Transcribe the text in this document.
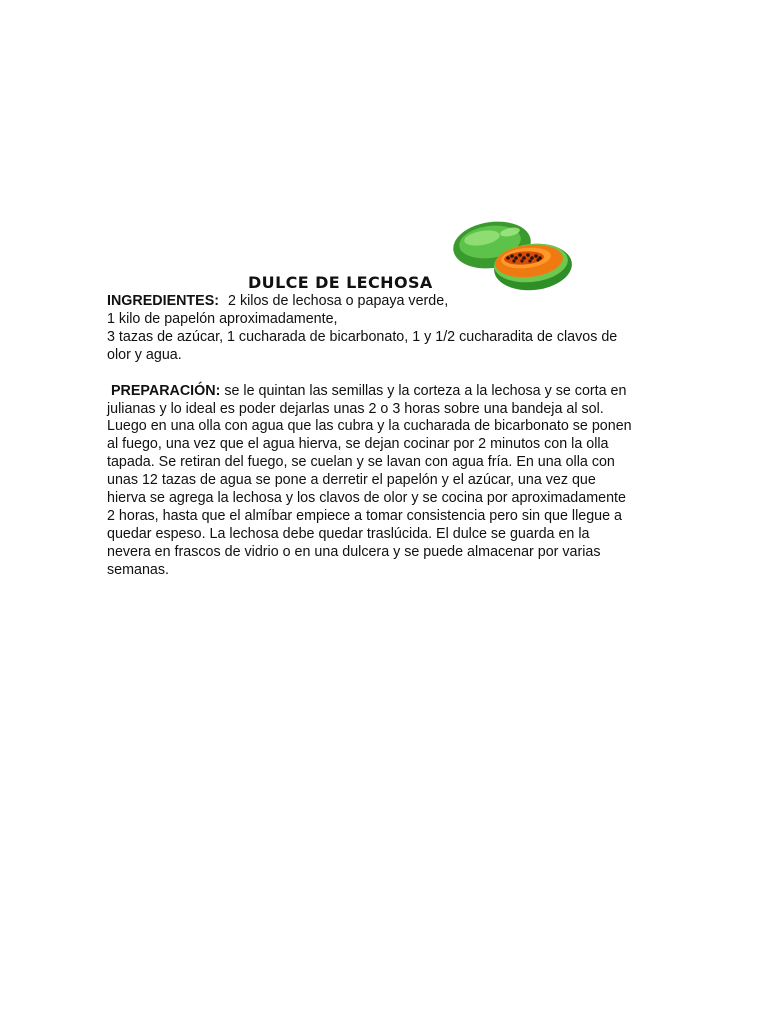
DULCE DE LECHOSA

INGREDIENTES: 2 kilos de lechosa o papaya verde,

1 kilo de papelón aproximadamente,

3 tazas de azúcar, 1 cucharada de bicarbonato, 1 y 1/2 cucharadita de clavos de

olor y agua.

PREPARACIÓN: se le quintan las semillas y la corteza a la lechosa y se corta en

julianas y lo ideal es poder dejarlas unas 2 o 3 horas sobre una bandeja al sol.

Luego en una olla con agua que las cubra y la cucharada de bicarbonato se ponen

al fuego, una vez que el agua hierva, se dejan cocinar por 2 minutos con la olla

tapada. Se retiran del fuego, se cuelan y se lavan con agua fría. En una olla con

unas 12 tazas de agua se pone a derretir el papelón y el azúcar, una vez que

hierva se agrega la lechosa y los clavos de olor y se cocina por aproximadamente

2 horas, hasta que el almíbar empiece a tomar consistencia pero sin que llegue a

quedar espeso. La lechosa debe quedar traslúcida. El dulce se guarda en la

nevera en frascos de vidrio o en una dulcera y se puede almacenar por varias

semanas.
